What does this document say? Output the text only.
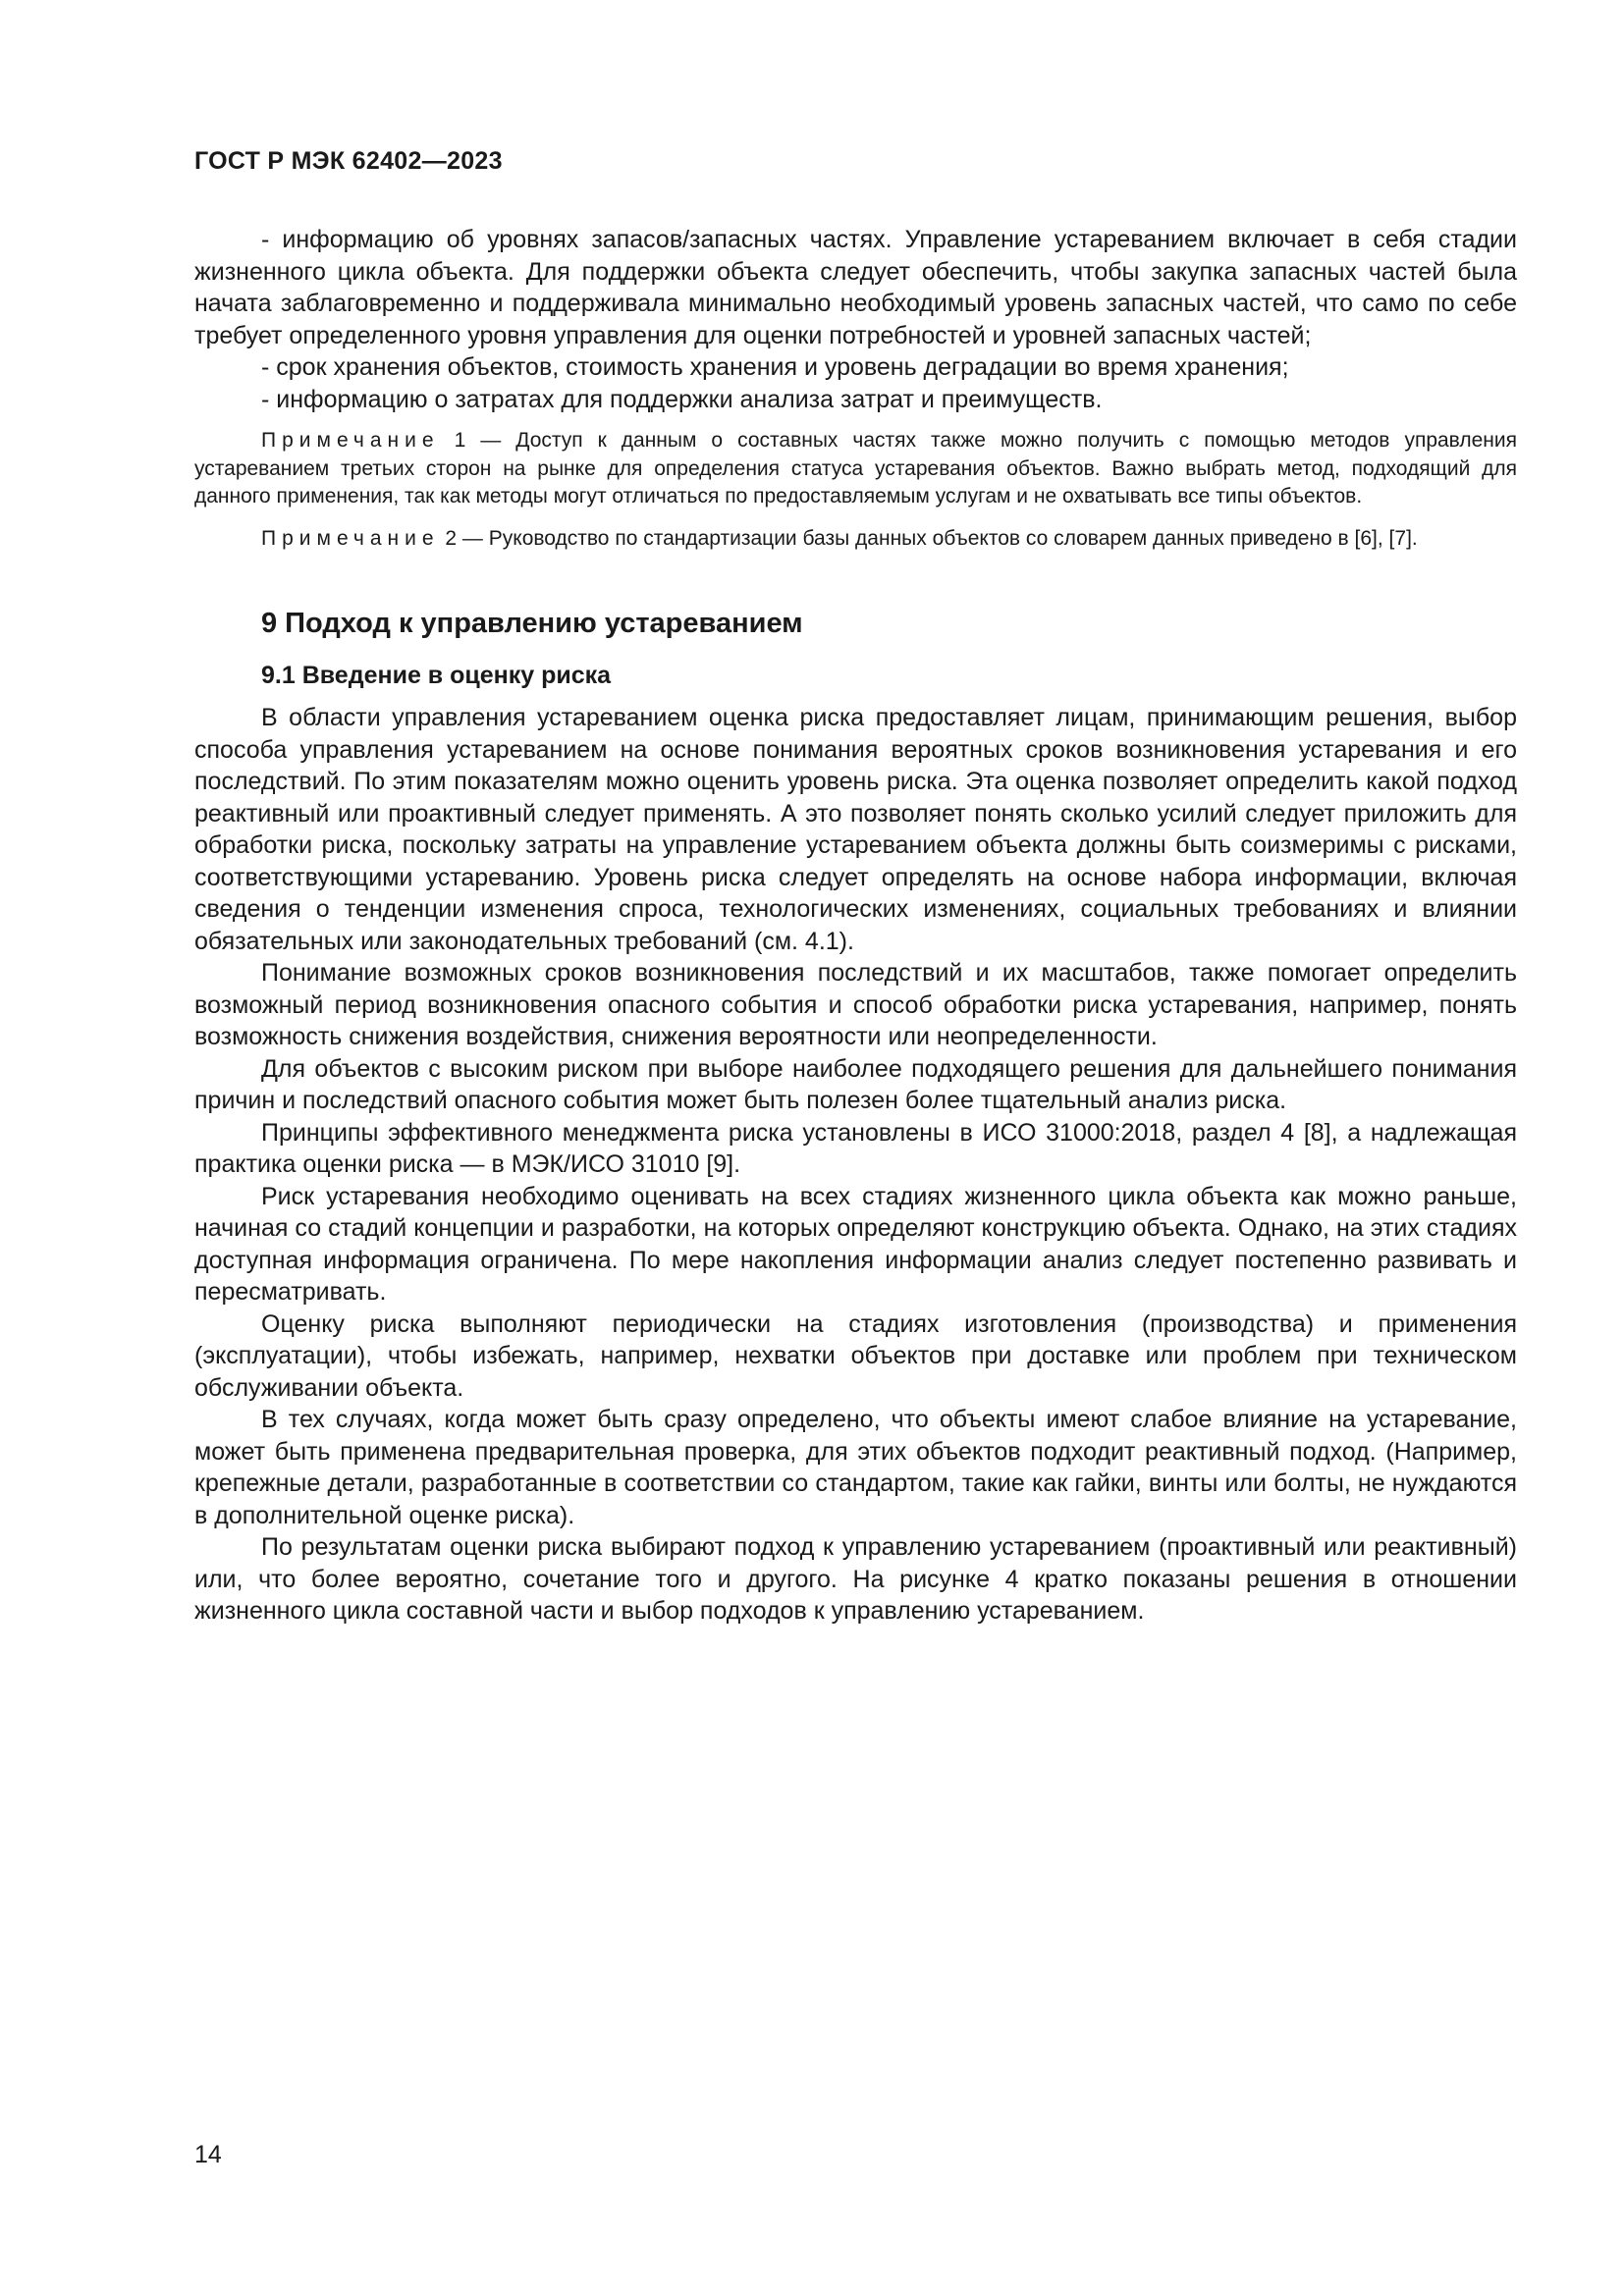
ГОСТ Р МЭК 62402—2023

- информацию об уровнях запасов/запасных частях. Управление устареванием включает в себя стадии жизненного цикла объекта. Для поддержки объекта следует обеспечить, чтобы закупка запасных частей была начата заблаговременно и поддерживала минимально необходимый уровень запасных частей, что само по себе требует определенного уровня управления для оценки потребностей и уровней запасных частей;

- срок хранения объектов, стоимость хранения и уровень деградации во время хранения;

- информацию о затратах для поддержки анализа затрат и преимуществ.

Примечание 1 — Доступ к данным о составных частях также можно получить с помощью методов управления устареванием третьих сторон на рынке для определения статуса устаревания объектов. Важно выбрать метод, подходящий для данного применения, так как методы могут отличаться по предоставляемым услугам и не охватывать все типы объектов.

Примечание 2 — Руководство по стандартизации базы данных объектов со словарем данных приведено в [6], [7].

9 Подход к управлению устареванием
9.1 Введение в оценку риска

В области управления устареванием оценка риска предоставляет лицам, принимающим решения, выбор способа управления устареванием на основе понимания вероятных сроков возникновения устаревания и его последствий. По этим показателям можно оценить уровень риска. Эта оценка позволяет определить какой подход реактивный или проактивный следует применять. А это позволяет понять сколько усилий следует приложить для обработки риска, поскольку затраты на управление устареванием объекта должны быть соизмеримы с рисками, соответствующими устареванию. Уровень риска следует определять на основе набора информации, включая сведения о тенденции изменения спроса, технологических изменениях, социальных требованиях и влиянии обязательных или законодательных требований (см. 4.1).

Понимание возможных сроков возникновения последствий и их масштабов, также помогает определить возможный период возникновения опасного события и способ обработки риска устаревания, например, понять возможность снижения воздействия, снижения вероятности или неопределенности.

Для объектов с высоким риском при выборе наиболее подходящего решения для дальнейшего понимания причин и последствий опасного события может быть полезен более тщательный анализ риска.

Принципы эффективного менеджмента риска установлены в ИСО 31000:2018, раздел 4 [8], а надлежащая практика оценки риска — в МЭК/ИСО 31010 [9].

Риск устаревания необходимо оценивать на всех стадиях жизненного цикла объекта как можно раньше, начиная со стадий концепции и разработки, на которых определяют конструкцию объекта. Однако, на этих стадиях доступная информация ограничена. По мере накопления информации анализ следует постепенно развивать и пересматривать.

Оценку риска выполняют периодически на стадиях изготовления (производства) и применения (эксплуатации), чтобы избежать, например, нехватки объектов при доставке или проблем при техническом обслуживании объекта.

В тех случаях, когда может быть сразу определено, что объекты имеют слабое влияние на устаревание, может быть применена предварительная проверка, для этих объектов подходит реактивный подход. (Например, крепежные детали, разработанные в соответствии со стандартом, такие как гайки, винты или болты, не нуждаются в дополнительной оценке риска).

По результатам оценки риска выбирают подход к управлению устареванием (проактивный или реактивный) или, что более вероятно, сочетание того и другого. На рисунке 4 кратко показаны решения в отношении жизненного цикла составной части и выбор подходов к управлению устареванием.

14
